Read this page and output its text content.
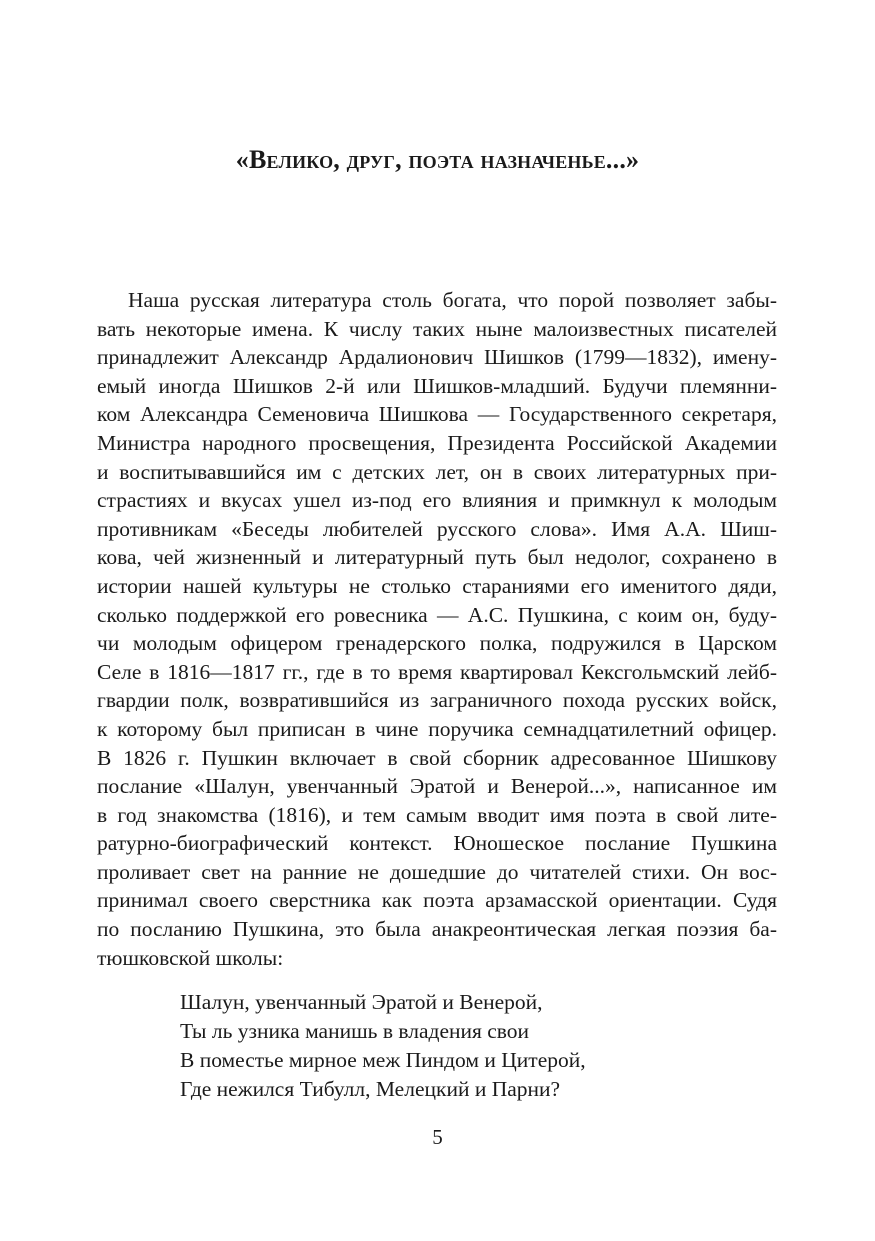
«Велико, друг, поэта назначенье...»
Наша русская литература столь богата, что порой позволяет забы-
вать некоторые имена. К числу таких ныне малоизвестных писателей
принадлежит Александр Ардалионович Шишков (1799—1832), имену-
емый иногда Шишков 2-й или Шишков-младший. Будучи племянни-
ком Александра Семеновича Шишкова — Государственного секретаря,
Министра народного просвещения, Президента Российской Академии
и воспитывавшийся им с детских лет, он в своих литературных при-
страстиях и вкусах ушел из-под его влияния и примкнул к молодым
противникам «Беседы любителей русского слова». Имя А.А. Шиш-
кова, чей жизненный и литературный путь был недолог, сохранено в
истории нашей культуры не столько стараниями его именитого дяди,
сколько поддержкой его ровесника — А.С. Пушкина, с коим он, буду-
чи молодым офицером гренадерского полка, подружился в Царском
Селе в 1816—1817 гг., где в то время квартировал Кексгольмский лейб-
гвардии полк, возвратившийся из заграничного похода русских войск,
к которому был приписан в чине поручика семнадцатилетний офицер.
В 1826 г. Пушкин включает в свой сборник адресованное Шишкову
послание «Шалун, увенчанный Эратой и Венерой...», написанное им
в год знакомства (1816), и тем самым вводит имя поэта в свой лите-
ратурно-биографический контекст. Юношеское послание Пушкина
проливает свет на ранние не дошедшие до читателей стихи. Он вос-
принимал своего сверстника как поэта арзамасской ориентации. Судя
по посланию Пушкина, это была анакреонтическая легкая поэзия ба-
тюшковской школы:
Шалун, увенчанный Эратой и Венерой,
Ты ль узника манишь в владения свои
В поместье мирное меж Пиндом и Цитерой,
Где нежился Тибулл, Мелецкий и Парни?
5
